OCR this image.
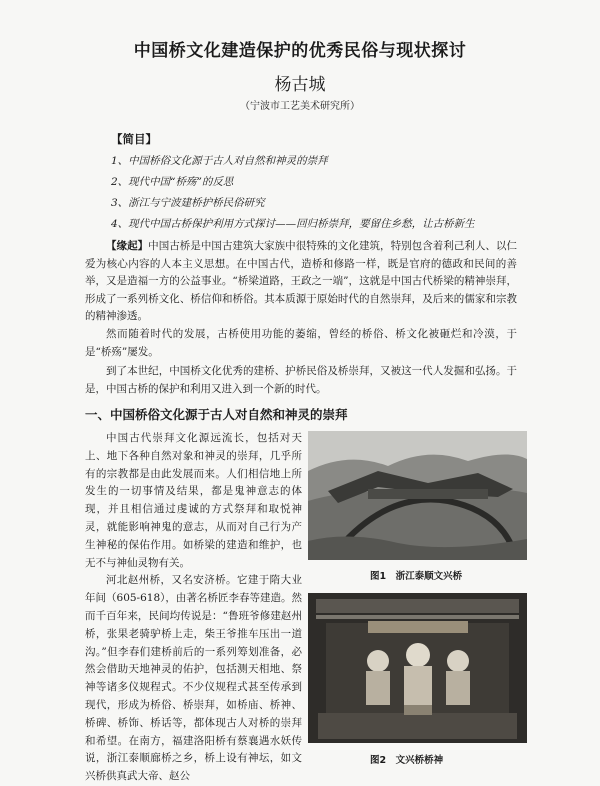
中国桥文化建造保护的优秀民俗与现状探讨
杨古城
（宁波市工艺美术研究所）
【简目】
1、中国桥俗文化源于古人对自然和神灵的崇拜
2、现代中国“桥殇”的反思
3、浙江与宁波建桥护桥民俗研究
4、现代中国古桥保护利用方式探讨——回归桥崇拜，要留住乡愁，让古桥新生
【缘起】中国古桥是中国古建筑大家族中很特殊的文化建筑，特别包含着利己利人、以仁爱为核心内容的人本主义思想。在中国古代，造桥和修路一样，既是官府的德政和民间的善举，又是造福一方的公益事业。“桥梁道路，王政之一端”，这就是中国古代桥梁的精神崇拜，形成了一系列桥文化、桥信仰和桥俗。其本质源于原始时代的自然崇拜，及后来的儒家和宗教的精神渗透。
然而随着时代的发展，古桥使用功能的萎缩，曾经的桥俗、桥文化被砸烂和冷漠，于是“桥殇”屡发。
到了本世纪，中国桥文化优秀的建桥、护桥民俗及桥崇拜，又被这一代人发掘和弘扬。于是，中国古桥的保护和利用又进入到一个新的时代。
一、中国桥俗文化源于古人对自然和神灵的崇拜

中国古代崇拜文化源远流长，包括对天上、地下各种自然对象和神灵的崇拜，几乎所有的宗教都是由此发展而来。人们相信地上所发生的一切事情及结果，都是鬼神意志的体现，并且相信通过虔诚的方式祭拜和取悦神灵，就能影响神鬼的意志，从而对自己行为产生神秘的保佑作用。如桥梁的建造和维护，也无不与神仙灵物有关。

河北赵州桥，又名安济桥。它建于隋大业年间（605-618），由著名桥匠李春等建造。然而千百年来，民间均传说是：“鲁班爷修建赵州桥，张果老骑驴桥上走，柴王爷推车压出一道沟。”但李春们建桥前后的一系列筹划准备，必然会借助天地神灵的佑护，包括测天相地、祭神等诸多仪规程式。不少仪规程式甚至传承到现代，形成为桥俗、桥崇拜，如桥庙、桥神、桥碑、桥饰、桥话等，都体现古人对桥的崇拜和希望。在南方，福建洛阳桥有蔡襄遇水妖传说，浙江泰顺廊桥之乡，桥上设有神坛，如文兴桥供真武大帝、赵公

图1　浙江泰顺文兴桥
图2　文兴桥桥神
